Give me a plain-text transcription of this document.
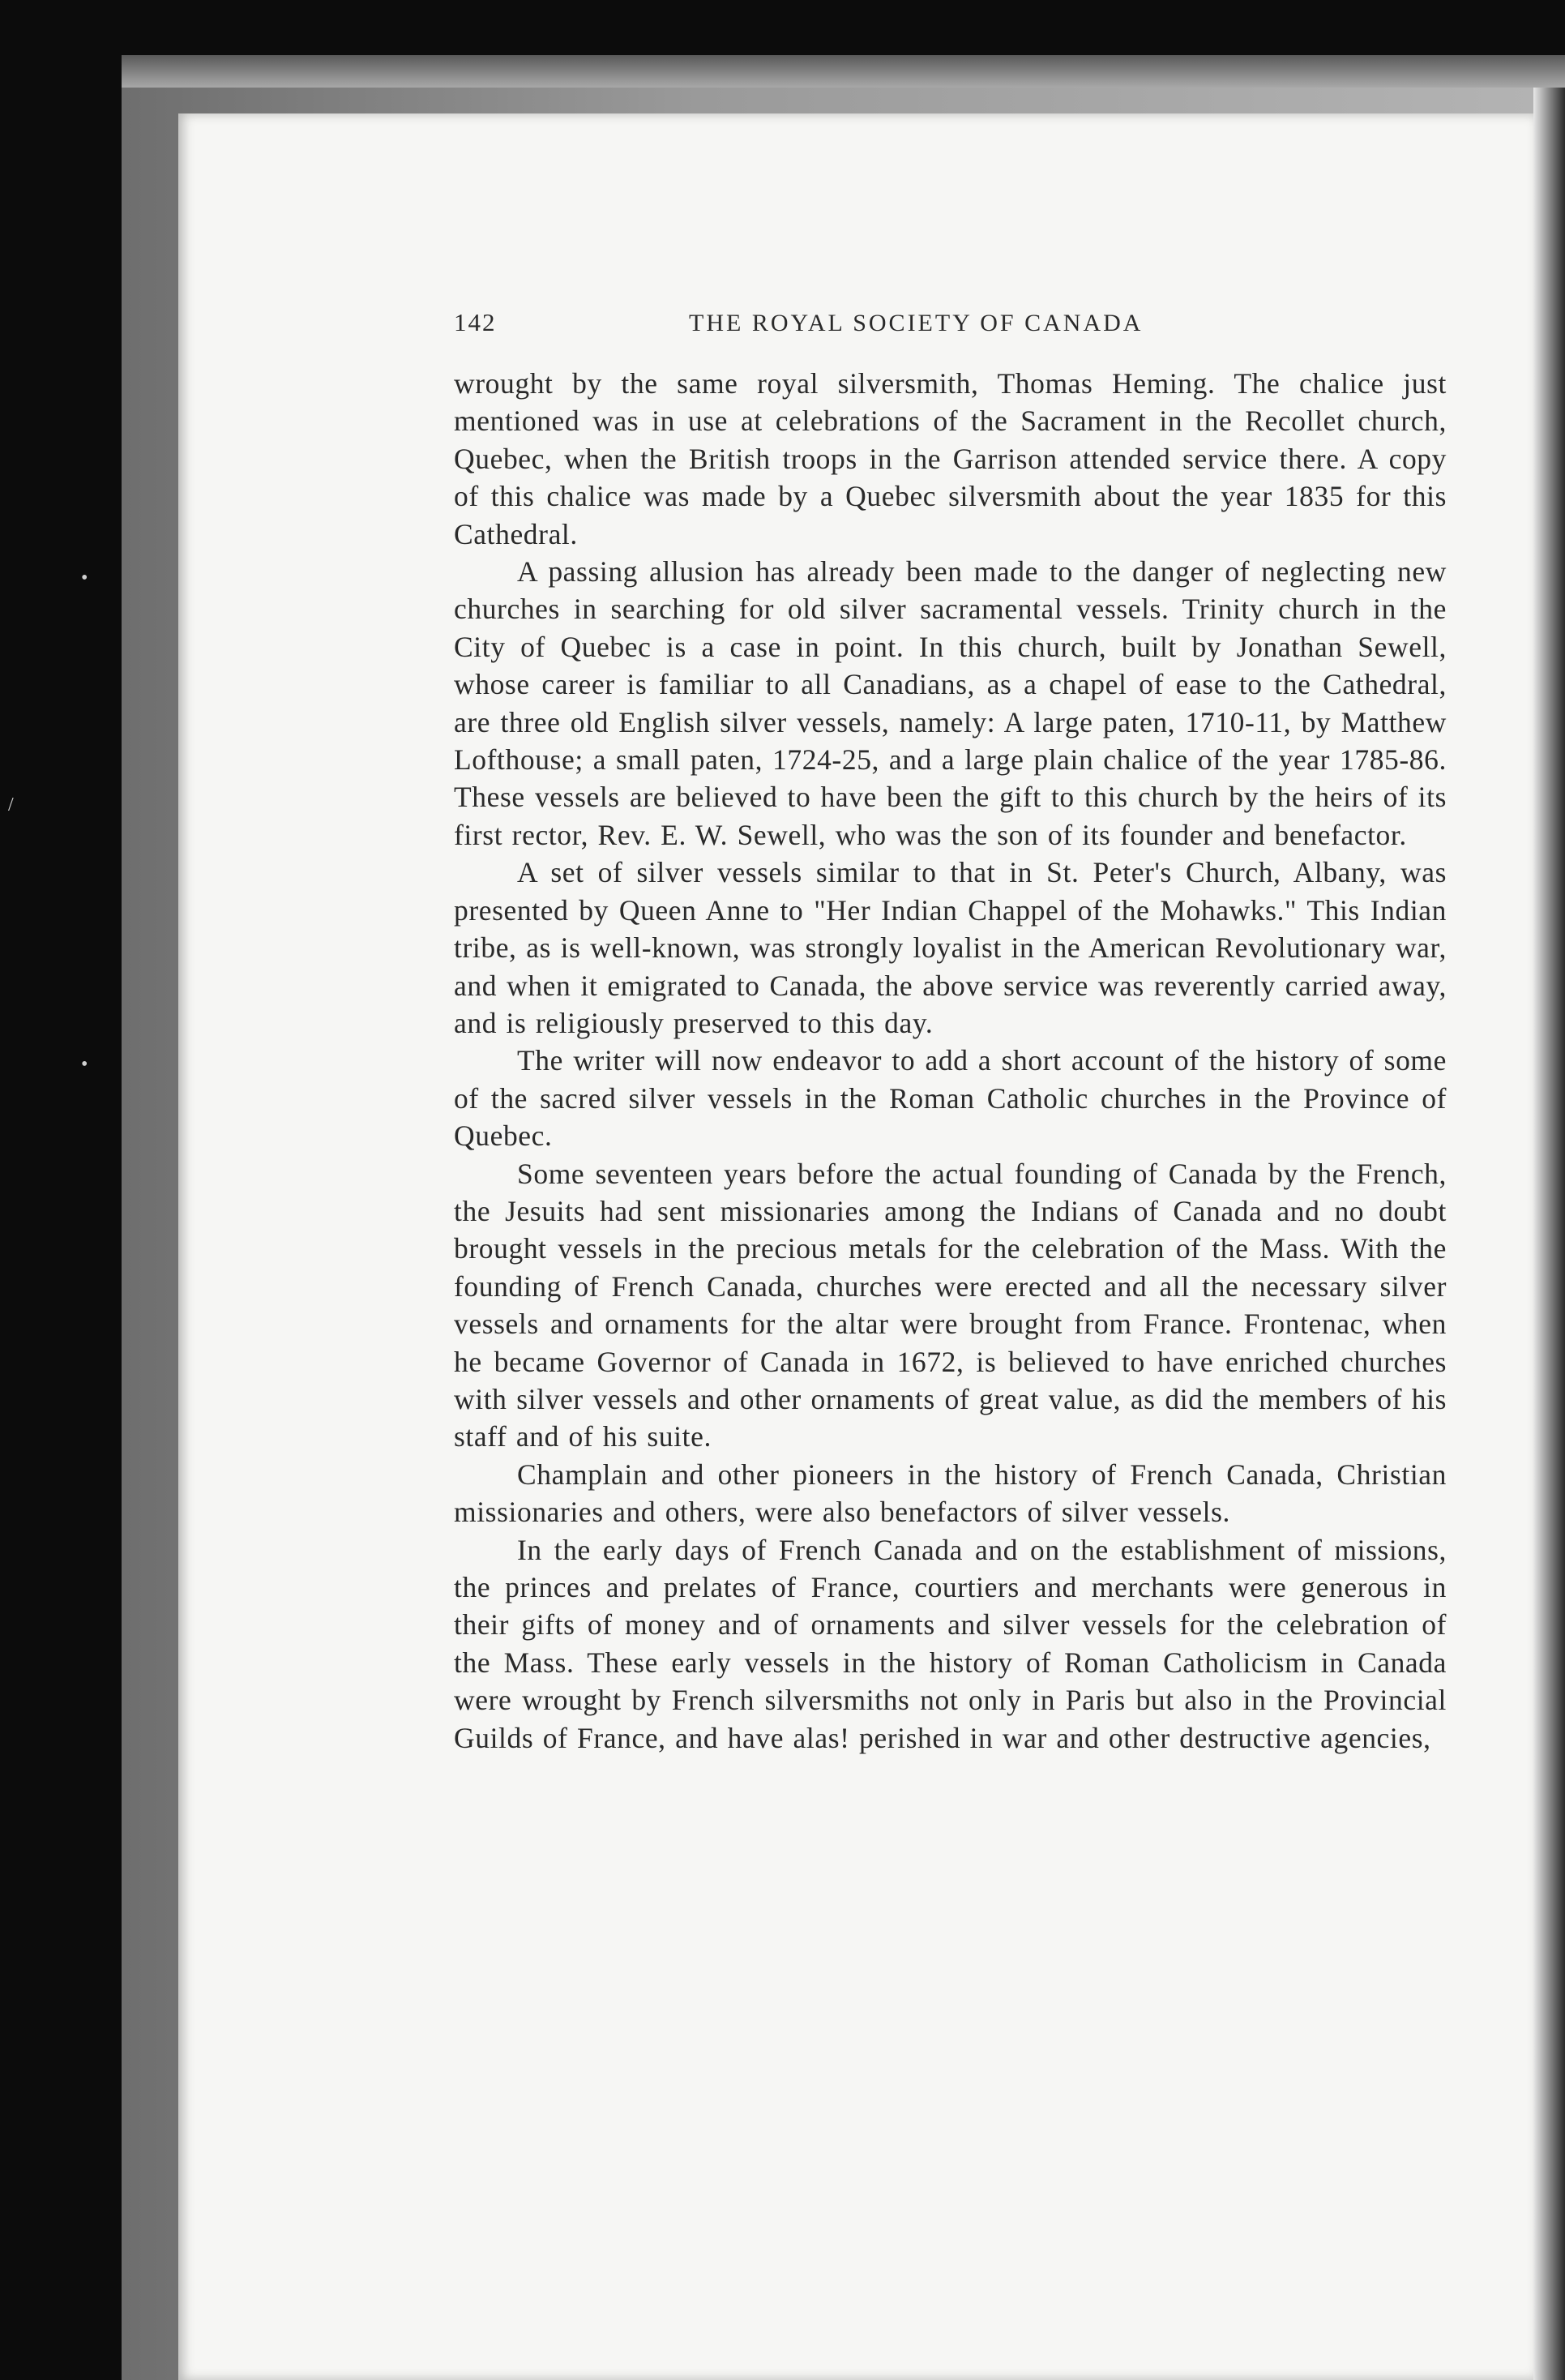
•
/
•
142	THE ROYAL SOCIETY OF CANADA

wrought by the same royal silversmith, Thomas Heming. The chalice just mentioned was in use at celebrations of the Sacrament in the Recollet church, Quebec, when the British troops in the Garrison attended service there. A copy of this chalice was made by a Quebec silversmith about the year 1835 for this Cathedral.

A passing allusion has already been made to the danger of neglecting new churches in searching for old silver sacramental vessels. Trinity church in the City of Quebec is a case in point. In this church, built by Jonathan Sewell, whose career is familiar to all Canadians, as a chapel of ease to the Cathedral, are three old English silver vessels, namely: A large paten, 1710-11, by Matthew Lofthouse; a small paten, 1724-25, and a large plain chalice of the year 1785-86. These vessels are believed to have been the gift to this church by the heirs of its first rector, Rev. E. W. Sewell, who was the son of its founder and benefactor.

A set of silver vessels similar to that in St. Peter's Church, Albany, was presented by Queen Anne to "Her Indian Chappel of the Mohawks." This Indian tribe, as is well-known, was strongly loyalist in the American Revolutionary war, and when it emigrated to Canada, the above service was reverently carried away, and is religiously preserved to this day.

The writer will now endeavor to add a short account of the history of some of the sacred silver vessels in the Roman Catholic churches in the Province of Quebec.

Some seventeen years before the actual founding of Canada by the French, the Jesuits had sent missionaries among the Indians of Canada and no doubt brought vessels in the precious metals for the celebration of the Mass. With the founding of French Canada, churches were erected and all the necessary silver vessels and ornaments for the altar were brought from France. Frontenac, when he became Governor of Canada in 1672, is believed to have enriched churches with silver vessels and other ornaments of great value, as did the members of his staff and of his suite.

Champlain and other pioneers in the history of French Canada, Christian missionaries and others, were also benefactors of silver vessels.

In the early days of French Canada and on the establishment of missions, the princes and prelates of France, courtiers and merchants were generous in their gifts of money and of ornaments and silver vessels for the celebration of the Mass. These early vessels in the history of Roman Catholicism in Canada were wrought by French silversmiths not only in Paris but also in the Provincial Guilds of France, and have alas! perished in war and other destructive agencies,
